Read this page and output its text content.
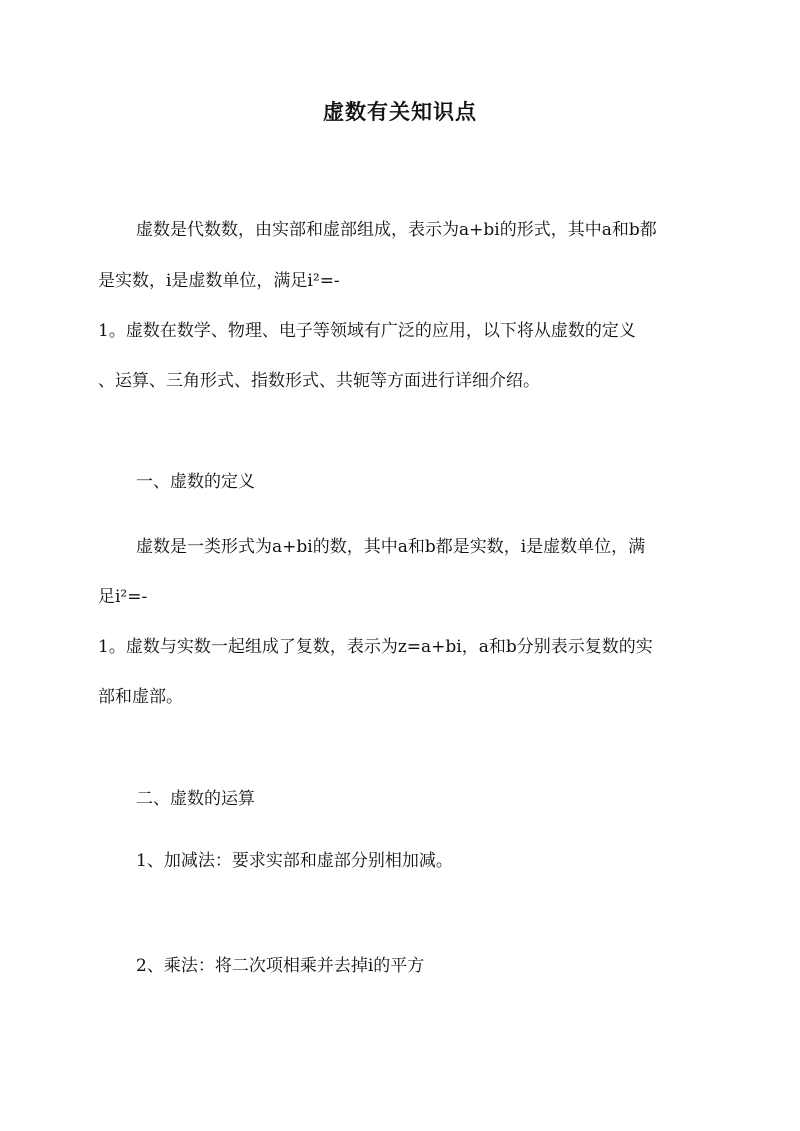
虚数有关知识点

虚数是代数数，由实部和虚部组成，表示为a+bi的形式，其中a和b都

是实数，i是虚数单位，满足i²=-

1。虚数在数学、物理、电子等领域有广泛的应用，以下将从虚数的定义

、运算、三角形式、指数形式、共轭等方面进行详细介绍。

一、虚数的定义

虚数是一类形式为a+bi的数，其中a和b都是实数，i是虚数单位，满

足i²=-

1。虚数与实数一起组成了复数，表示为z=a+bi，a和b分别表示复数的实

部和虚部。

二、虚数的运算

1、加减法：要求实部和虚部分别相加减。

2、乘法：将二次项相乘并去掉i的平方
